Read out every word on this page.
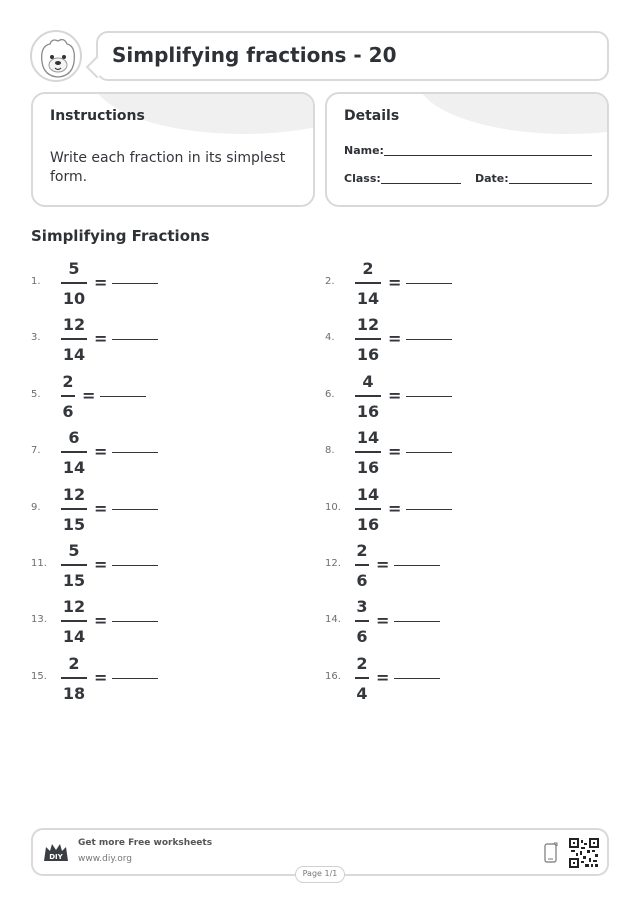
Simplifying fractions - 20
Instructions
Write each fraction in its simplest form.
Details
Name:
Class:	Date:
Simplifying Fractions
1.
5
10
=	2.
2
14
=
3.
12
14
=	4.
12
16
=
5.
2
6
=	6.
4
16
=
7.
6
14
=	8.
14
16
=
9.
12
15
=	10.
14
16
=
11.
5
15
=	12.
2
6
=
13.
12
14
=	14.
3
6
=
15.
2
18
=	16.
2
4
=
DIY
Get more Free worksheets
www.diy.org
Page 1/1
